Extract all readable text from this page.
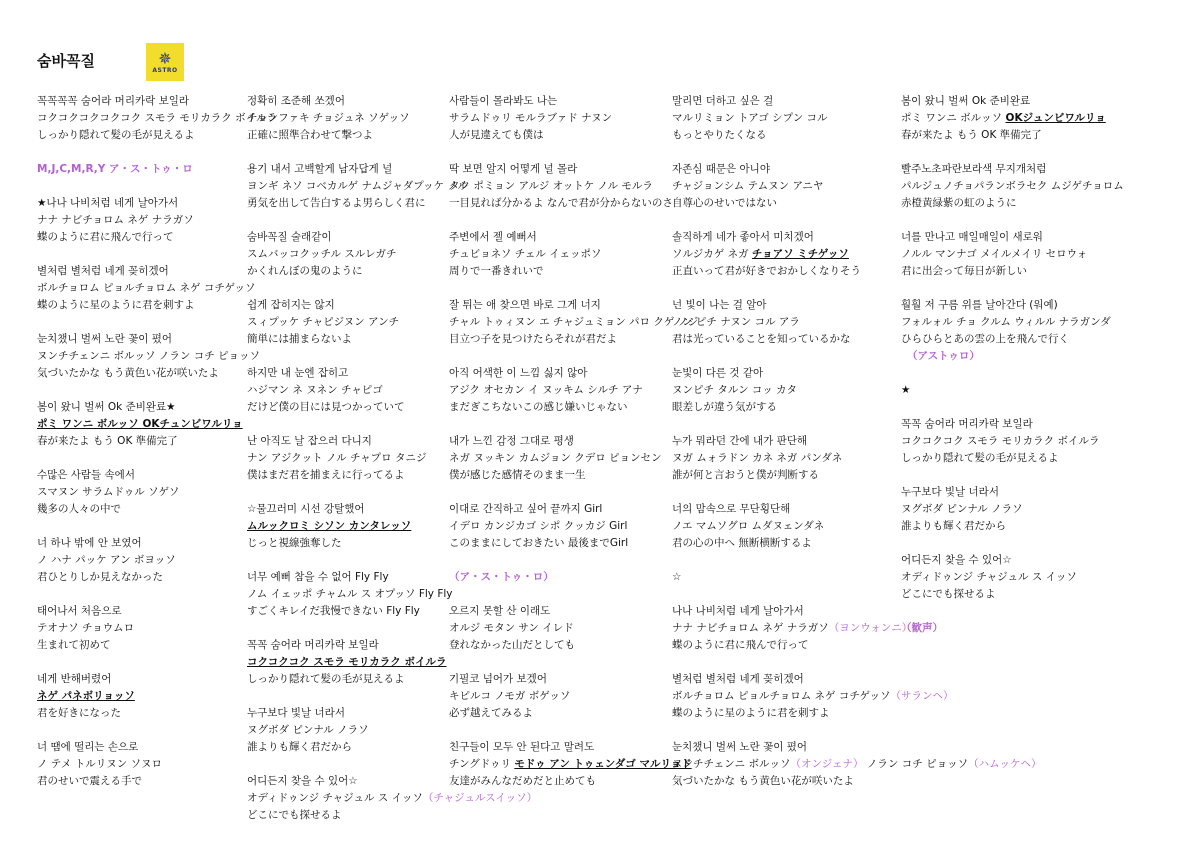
숨바꼭질	✵
ASTRO
꼭꼭꼭꼭 숨어라 머리카락 보일라
コクコクコクコクコク スモラ モリカラク ボイルラ
しっかり隠れて髪の毛が見えるよ
M,J,C,M,R,Y ア・ス・トゥ・ロ
★나나 나비처럼 네게 날아가서
ナナ ナビチョロム ネゲ ナラガソ
蝶のように君に飛んで行って
별처럼 별처럼 네게 꽂히겠어
ボルチョロム ピョルチョロム ネゲ コチゲッソ
蝶のように星のように君を刺すよ
눈치챘니 벌써 노란 꽃이 폈어
ヌンチチェンニ ボルッソ ノラン コチ ピョッソ
気づいたかな もう黄色い花が咲いたよ
봄이 왔니 벌써 Ok 준비완료★
ポミ ワンニ ボルッソ OKチュンビワルリョ
春が来たよ もう OK 準備完了
수많은 사람들 속에서
スマヌン サラムドゥル ソゲソ
幾多の人々の中で
너 하나 밖에 안 보였어
ノ ハナ パッケ アン ボヨッソ
君ひとりしか見えなかった
태어나서 처음으로
テオナソ チョウムロ
生まれて初めて
네게 반해버렸어
ネゲ パネボリョッソ
君を好きになった
너 땜에 떨리는 손으로
ノ テメ トルリヌン ソヌロ
君のせいで震える手で
정확히 조준해 쏘겠어
チョンファキ チョジュネ ソゲッソ
正確に照準合わせて撃つよ
용기 내서 고백할게 남자답게 널
ヨンギ ネソ コベカルゲ ナムジャダプッケ ノル
勇気を出して告白するよ男らしく君に
숨바꼭질 술래같이
スムバッコクッチル スルレガチ
かくれんぼの鬼のように
쉽게 잡히지는 않지
スィプッケ チャピジヌン アンチ
簡単には捕まらないよ
하지만 내 눈엔 잡히고
ハジマン ネ ヌネン チャピゴ
だけど僕の目には見つかっていて
난 아직도 날 잡으러 다니지
ナン アジクット ノル チャプロ タニジ
僕はまだ君を捕まえに行ってるよ
☆물끄러미 시선 강탈했어
ムルックロミ シソン カンタレッソ
じっと視線強奪した
너무 예뻐 참을 수 없어 Fly Fly
ノム イェッポ チャムル ス オプッソ Fly Fly
すごくキレイだ我慢できない Fly Fly
꼭꼭 숨어라 머리카락 보일라
コクコクコク スモラ モリカラク ボイルラ
しっかり隠れて髪の毛が見えるよ
누구보다 빛날 너라서
ヌグボダ ピンナル ノラソ
誰よりも輝く君だから
어디든지 찾을 수 있어☆
オディドゥンジ チャジュル ス イッソ（チャジュルスイッソ）
どこにでも探せるよ
사람들이 몰라봐도 나는
サラムドゥリ モルラブァド ナヌン
人が見違えても僕は
딱 보면 알지 어떻게 널 몰라
タク ポミョン アルジ オットケ ノル モルラ
一目見れば分かるよ なんで君が分からないのさ
주변에서 젤 예뻐서
チュビョネソ チェル イェッポソ
周りで一番きれいで
잘 튀는 애 찾으면 바로 그게 너지
チャル トゥィヌン エ チャジュミョン パロ クゲ ノジ
目立つ子を見つけたらそれが君だよ
아직 어색한 이 느낌 싫지 않아
アジク オセカン イ ヌッキム シルチ アナ
まだぎこちないこの感じ嫌いじゃない
내가 느낀 감정 그대로 평생
ネガ ヌッキン カムジョン クデロ ピョンセン
僕が感じた感情そのまま一生
이대로 간직하고 싶어 끝까지 Girl
イデロ カンジカゴ シポ クッカジ Girl
このままにしておきたい 最後までGirl
（ア・ス・トゥ・ロ）
오르지 못할 산 이래도
オルジ モタン サン イレド
登れなかった山だとしても
기필코 넘어가 보겠어
キピルコ ノモガ ボゲッソ
必ず越えてみるよ
친구들이 모두 안 된다고 말려도
チングドゥリ モドゥ アン トゥェンダゴ マルリョド
友達がみんなだめだと止めても
말리면 더하고 싶은 걸
マルリミョン トアゴ シプン コル
もっとやりたくなる
자존심 때문은 아니야
チャジョンシム テムヌン アニヤ
自尊心のせいではない
솔직하게 네가 좋아서 미치겠어
ソルジカゲ ネガ チョアソ ミチゲッソ
正直いって君が好きでおかしくなりそう
넌 빛이 나는 걸 알아
ノン ピチ ナヌン コル アラ
君は光っていることを知っているかな
눈빛이 다른 것 같아
ヌンピチ タルン コッ カタ
眼差しが違う気がする
누가 뭐라던 간에 내가 판단해
ヌガ ムォラドン カネ ネガ パンダネ
誰が何と言おうと僕が判断する
너의 맘속으로 무단횡단해
ノエ マムソグロ ムダヌェンダネ
君の心の中へ 無断横断するよ
☆
나나 나비처럼 네게 날아가서
ナナ ナビチョロム ネゲ ナラガソ（ヨンウォンニ）
蝶のように君に飛んで行って
별처럼 별처럼 네게 꽂히겠어
ボルチョロム ピョルチョロム ネゲ コチゲッソ（サランヘ）
蝶のように星のように君を刺すよ
눈치챘니 벌써 노란 꽃이 폈어
ヌンチチェンニ ボルッソ（オンジェナ） ノラン コチ ピョッソ（ハムッケヘ）
気づいたかな もう黄色い花が咲いたよ
봄이 왔니 벌써 Ok 준비완료
ポミ ワンニ ボルッソ OKジュンビワルリョ
春が来たよ もう OK 準備完了
빨주노초파란보라색 무지개처럼
パルジュノチョパランボラセク ムジゲチョロム
赤橙黄緑紫の虹のように
너를 만나고 매일매일이 새로워
ノルル マンナゴ メイルメイリ セロウォ
君に出会って毎日が新しい
훨훨 저 구름 위를 날아간다 (워예)
フォルォル チョ クルム ウィルル ナラガンダ
ひらひらとあの雲の上を飛んで行く
（アストゥロ）
★
꼭꼭 숨어라 머리카락 보일라
コクコクコク スモラ モリカラク ボイルラ
しっかり隠れて髪の毛が見えるよ
누구보다 빛날 너라서
ヌグボダ ピンナル ノラソ
誰よりも輝く君だから
어디든지 찾을 수 있어☆
オディドゥンジ チャジュル ス イッソ
どこにでも探せるよ
（歓声）
